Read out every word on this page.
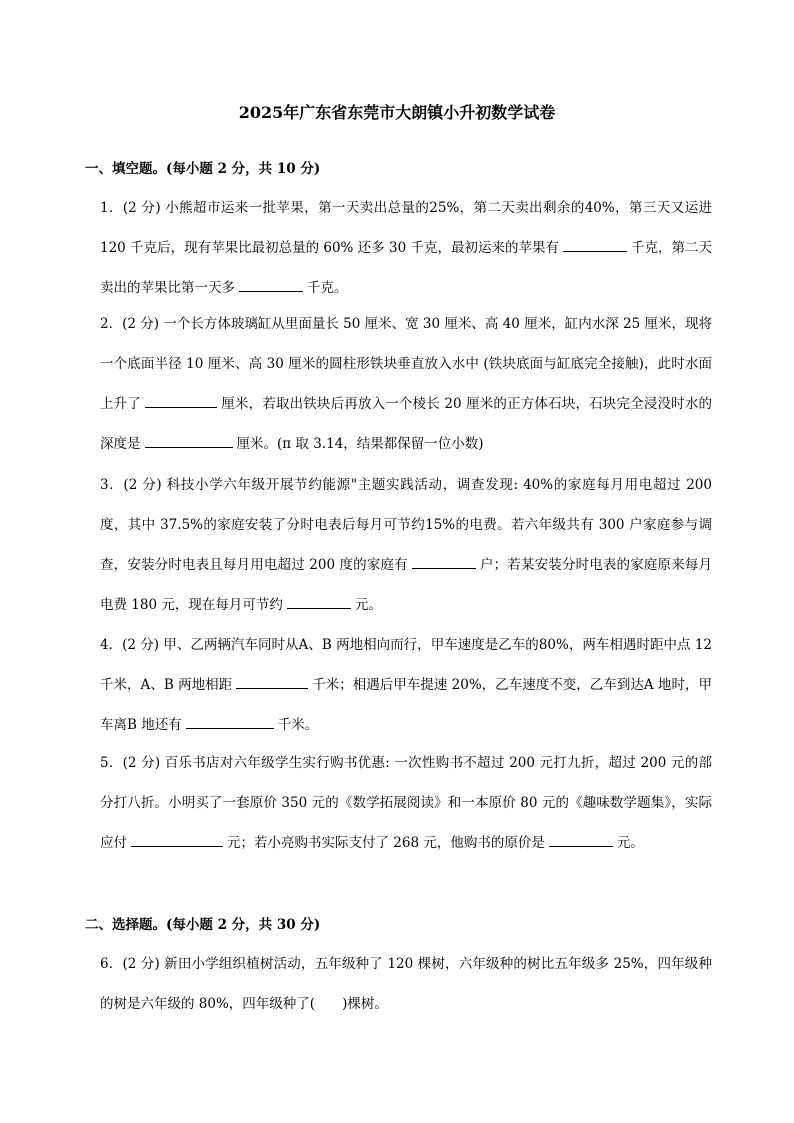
2025年广东省东莞市大朗镇小升初数学试卷
一、填空题。(每小题 2 分，共 10 分)
1．(2 分) 小熊超市运来一批苹果，第一天卖出总量的25%，第二天卖出剩余的40%，第三天又运进 120 千克后，现有苹果比最初总量的 60% 还多 30 千克，最初运来的苹果有	千克，第二天卖出的苹果比第一天多	千克。
2．(2 分) 一个长方体玻璃缸从里面量长 50 厘米、宽 30 厘米、高 40 厘米，缸内水深 25 厘米，现将一个底面半径 10 厘米、高 30 厘米的圆柱形铁块垂直放入水中 (铁块底面与缸底完全接触)，此时水面上升了	厘米，若取出铁块后再放入一个棱长 20 厘米的正方体石块，石块完全浸没时水的深度是	厘米。(π 取 3.14，结果都保留一位小数)
3．(2 分) 科技小学六年级开展节约能源"主题实践活动，调查发现: 40%的家庭每月用电超过 200 度，其中 37.5%的家庭安装了分时电表后每月可节约15%的电费。若六年级共有 300 户家庭参与调查，安装分时电表且每月用电超过 200 度的家庭有	户；若某安装分时电表的家庭原来每月电费 180 元，现在每月可节约	元。
4．(2 分) 甲、乙两辆汽车同时从A、B 两地相向而行，甲车速度是乙车的80%，两车相遇时距中点 12 千米，A、B 两地相距	千米；相遇后甲车提速 20%，乙车速度不变，乙车到达A 地时，甲车离B 地还有	千米。
5．(2 分) 百乐书店对六年级学生实行购书优惠: 一次性购书不超过 200 元打九折，超过 200 元的部分打八折。小明买了一套原价 350 元的《数学拓展阅读》和一本原价 80 元的《趣味数学题集》，实际应付	元；若小亮购书实际支付了 268 元，他购书的原价是	元。
二、选择题。(每小题 2 分，共 30 分)
6．(2 分) 新田小学组织植树活动，五年级种了 120 棵树，六年级种的树比五年级多 25%，四年级种的树是六年级的 80%，四年级种了(　　)棵树。
